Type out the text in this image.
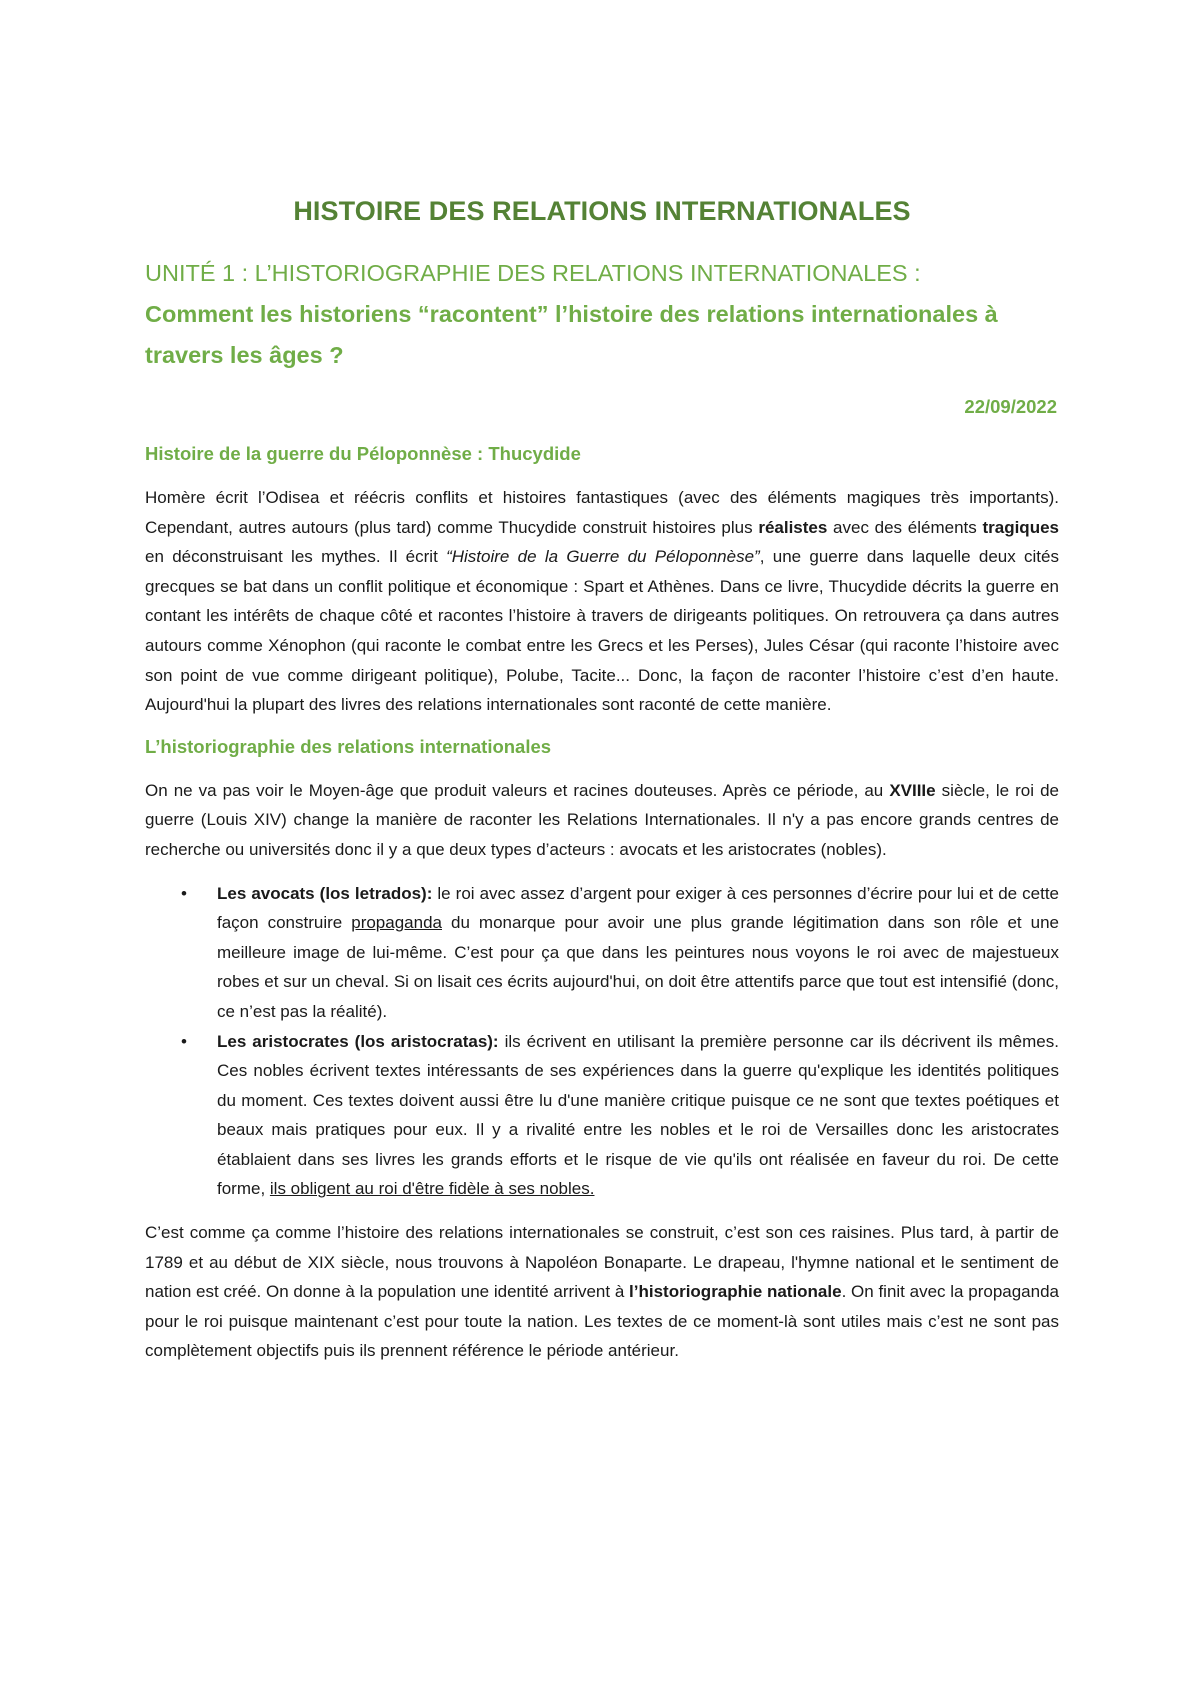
HISTOIRE DES RELATIONS INTERNATIONALES
UNITÉ 1 : L’HISTORIOGRAPHIE DES RELATIONS INTERNATIONALES :
Comment les historiens “racontent” l’histoire des relations internationales à travers les âges ?
22/09/2022
Histoire de la guerre du Péloponnèse : Thucydide

Homère écrit l’Odisea et réécris conflits et histoires fantastiques (avec des éléments magiques très importants). Cependant, autres autours (plus tard) comme Thucydide construit histoires plus réalistes avec des éléments tragiques en déconstruisant les mythes. Il écrit “Histoire de la Guerre du Péloponnèse”, une guerre dans laquelle deux cités grecques se bat dans un conflit politique et économique : Spart et Athènes. Dans ce livre, Thucydide décrits la guerre en contant les intérêts de chaque côté et racontes l’histoire à travers de dirigeants politiques. On retrouvera ça dans autres autours comme Xénophon (qui raconte le combat entre les Grecs et les Perses), Jules César (qui raconte l’histoire avec son point de vue comme dirigeant politique), Polube, Tacite... Donc, la façon de raconter l’histoire c’est d’en haute. Aujourd'hui la plupart des livres des relations internationales sont raconté de cette manière.

L’historiographie des relations internationales

On ne va pas voir le Moyen-âge que produit valeurs et racines douteuses. Après ce période, au XVIIIe siècle, le roi de guerre (Louis XIV) change la manière de raconter les Relations Internationales. Il n'y a pas encore grands centres de recherche ou universités donc il y a que deux types d’acteurs : avocats et les aristocrates (nobles).

• Les avocats (los letrados): le roi avec assez d’argent pour exiger à ces personnes d’écrire pour lui et de cette façon construire propaganda du monarque pour avoir une plus grande légitimation dans son rôle et une meilleure image de lui-même. C’est pour ça que dans les peintures nous voyons le roi avec de majestueux robes et sur un cheval. Si on lisait ces écrits aujourd'hui, on doit être attentifs parce que tout est intensifié (donc, ce n’est pas la réalité).
• Les aristocrates (los aristocratas): ils écrivent en utilisant la première personne car ils décrivent ils mêmes. Ces nobles écrivent textes intéressants de ses expériences dans la guerre qu'explique les identités politiques du moment. Ces textes doivent aussi être lu d'une manière critique puisque ce ne sont que textes poétiques et beaux mais pratiques pour eux. Il y a rivalité entre les nobles et le roi de Versailles donc les aristocrates établaient dans ses livres les grands efforts et le risque de vie qu'ils ont réalisée en faveur du roi. De cette forme, ils obligent au roi d'être fidèle à ses nobles.

C’est comme ça comme l’histoire des relations internationales se construit, c’est son ces raisines. Plus tard, à partir de 1789 et au début de XIX siècle, nous trouvons à Napoléon Bonaparte. Le drapeau, l'hymne national et le sentiment de nation est créé. On donne à la population une identité arrivent à l’historiographie nationale. On finit avec la propaganda pour le roi puisque maintenant c’est pour toute la nation. Les textes de ce moment-là sont utiles mais c’est ne sont pas complètement objectifs puis ils prennent référence le période antérieur.
